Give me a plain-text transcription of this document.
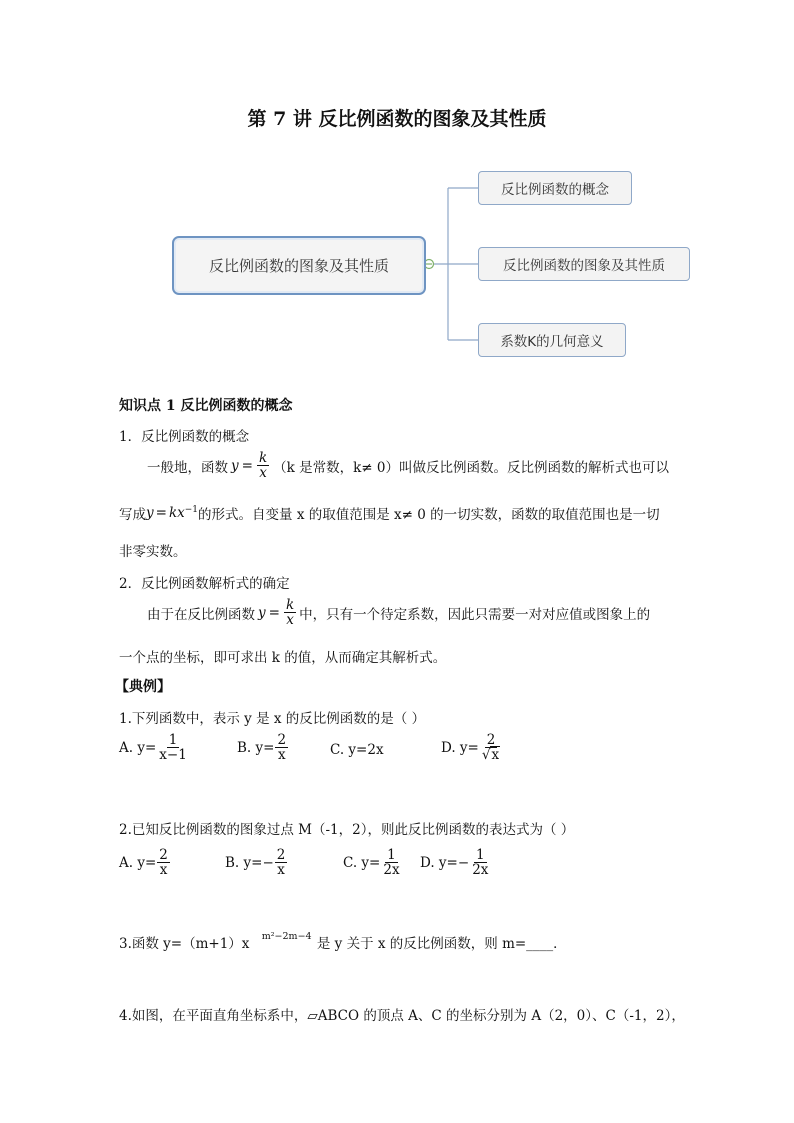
第 7 讲 反比例函数的图象及其性质
反比例函数的图象及其性质
反比例函数的概念
反比例函数的图象及其性质
系数K的几何意义
知识点 1 反比例函数的概念
1．反比例函数的概念
一般地，函数 $y = \frac{k}{x} (k$ 是常数，k≠ 0）叫做反比例函数。反比例函数的解析式也可以
写成 $y = kx^{-1}$ 的形式。自变量 x 的取值范围是 x≠ 0 的一切实数，函数的取值范围也是一切
非零实数。
2．反比例函数解析式的确定
由于在反比例函数 $y = \frac{k}{x}$ 中，只有一个待定系数，因此只需要一对对应值或图象上的
一个点的坐标，即可求出 k 的值，从而确定其解析式。
【典例】
1.下列函数中，表示 y 是 x 的反比例函数的是（ ）
A. $y= \frac{1}{x-1}$	B. $y= \frac{2}{x}$	C. y=2x	D. $y= \frac{2}{√x}$
2.已知反比例函数的图象过点 M（-1，2），则此反比例函数的表达式为（ ）
A. $y= \frac{2}{x}$	B. $y=- \frac{2}{x}$	C. $y= \frac{1}{2x} D$. $y=- \frac{1}{2x}$
3.函数 y=（m+1）x $^{m^2-2m-4}$ 是 y 关于 x 的反比例函数，则 m=____．
4.如图，在平面直角坐标系中，▱ABCO 的顶点 A、C 的坐标分别为 A（2，0）、C（-1，2），
